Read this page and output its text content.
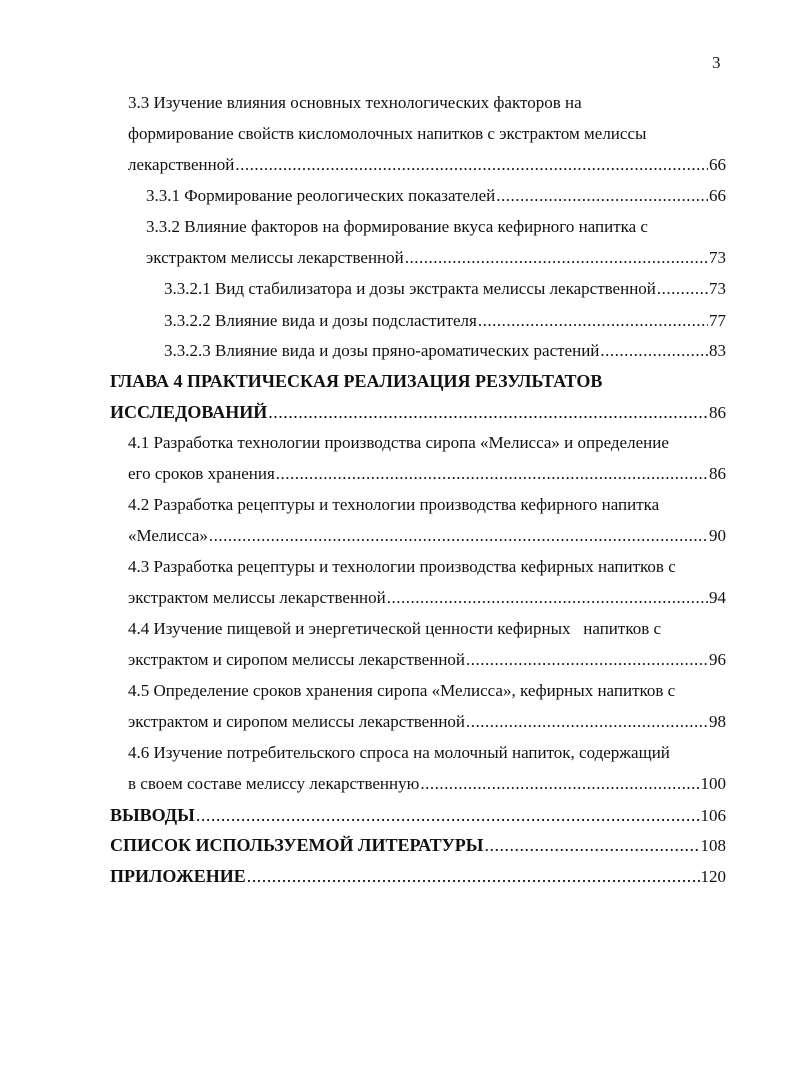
3
3.3 Изучение влияния основных технологических факторов на
формирование свойств кисломолочных напитков с экстрактом мелиссы
лекарственной .....	66
3.3.1 Формирование реологических показателей .....	66
3.3.2 Влияние факторов на формирование вкуса кефирного напитка с
экстрактом мелиссы лекарственной .....	73
3.3.2.1 Вид стабилизатора и дозы экстракта мелиссы лекарственной .....	73
3.3.2.2 Влияние вида и дозы подсластителя .....	77
3.3.2.3 Влияние вида и дозы пряно-ароматических растений .....	83
ГЛАВА 4 ПРАКТИЧЕСКАЯ РЕАЛИЗАЦИЯ РЕЗУЛЬТАТОВ
ИССЛЕДОВАНИЙ .....	86
4.1 Разработка технологии производства сиропа «Мелисса» и определение
его сроков хранения .....	86
4.2 Разработка рецептуры и технологии производства кефирного напитка
«Мелисса» .....	90
4.3 Разработка рецептуры и технологии производства кефирных напитков с
экстрактом мелиссы лекарственной .....	94
4.4 Изучение пищевой и энергетической ценности кефирных   напитков с
экстрактом и сиропом мелиссы лекарственной .....	96
4.5 Определение сроков хранения сиропа «Мелисса», кефирных напитков с
экстрактом и сиропом мелиссы лекарственной .....	98
4.6 Изучение потребительского спроса на молочный напиток, содержащий
в своем составе мелиссу лекарственную .....	100
ВЫВОДЫ .....	106
СПИСОК ИСПОЛЬЗУЕМОЙ ЛИТЕРАТУРЫ .....	108
ПРИЛОЖЕНИЕ .....	120
